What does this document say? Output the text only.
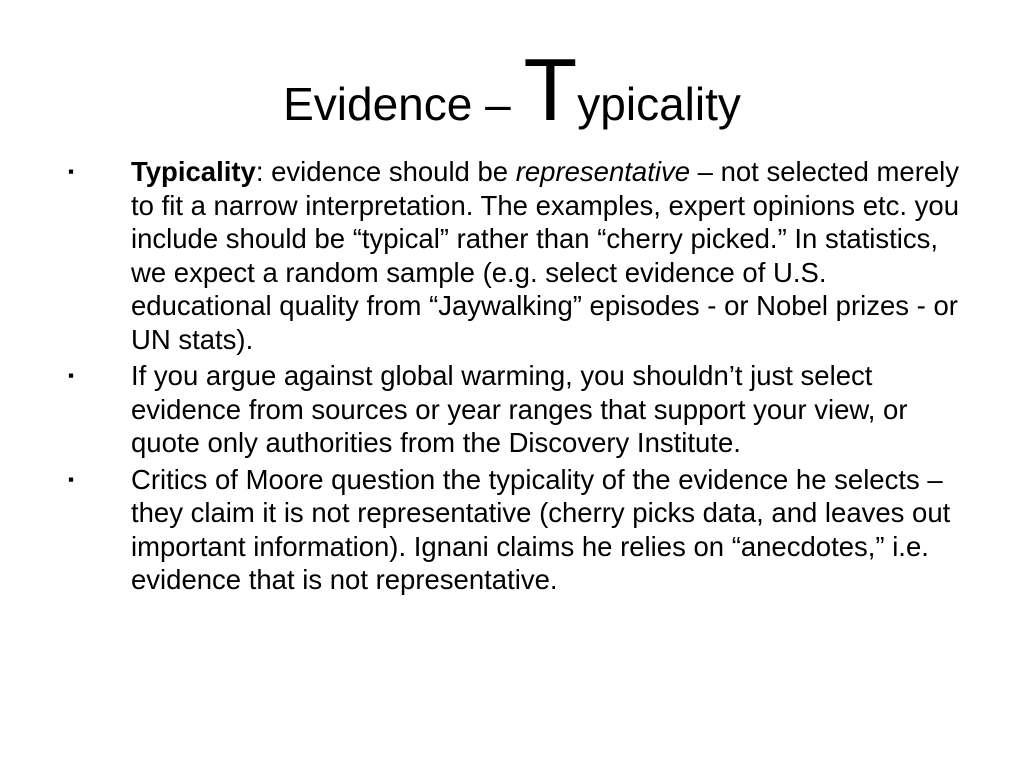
Evidence – Typicality
▪ Typicality: evidence should be representative – not selected merely to fit a narrow interpretation. The examples, expert opinions etc. you include should be “typical” rather than “cherry picked.” In statistics, we expect a random sample (e.g. select evidence of U.S. educational quality from “Jaywalking” episodes - or Nobel prizes - or UN stats).
▪ If you argue against global warming, you shouldn’t just select evidence from sources or year ranges that support your view, or quote only authorities from the Discovery Institute.
▪ Critics of Moore question the typicality of the evidence he selects – they claim it is not representative (cherry picks data, and leaves out important information). Ignani claims he relies on “anecdotes,” i.e. evidence that is not representative.
